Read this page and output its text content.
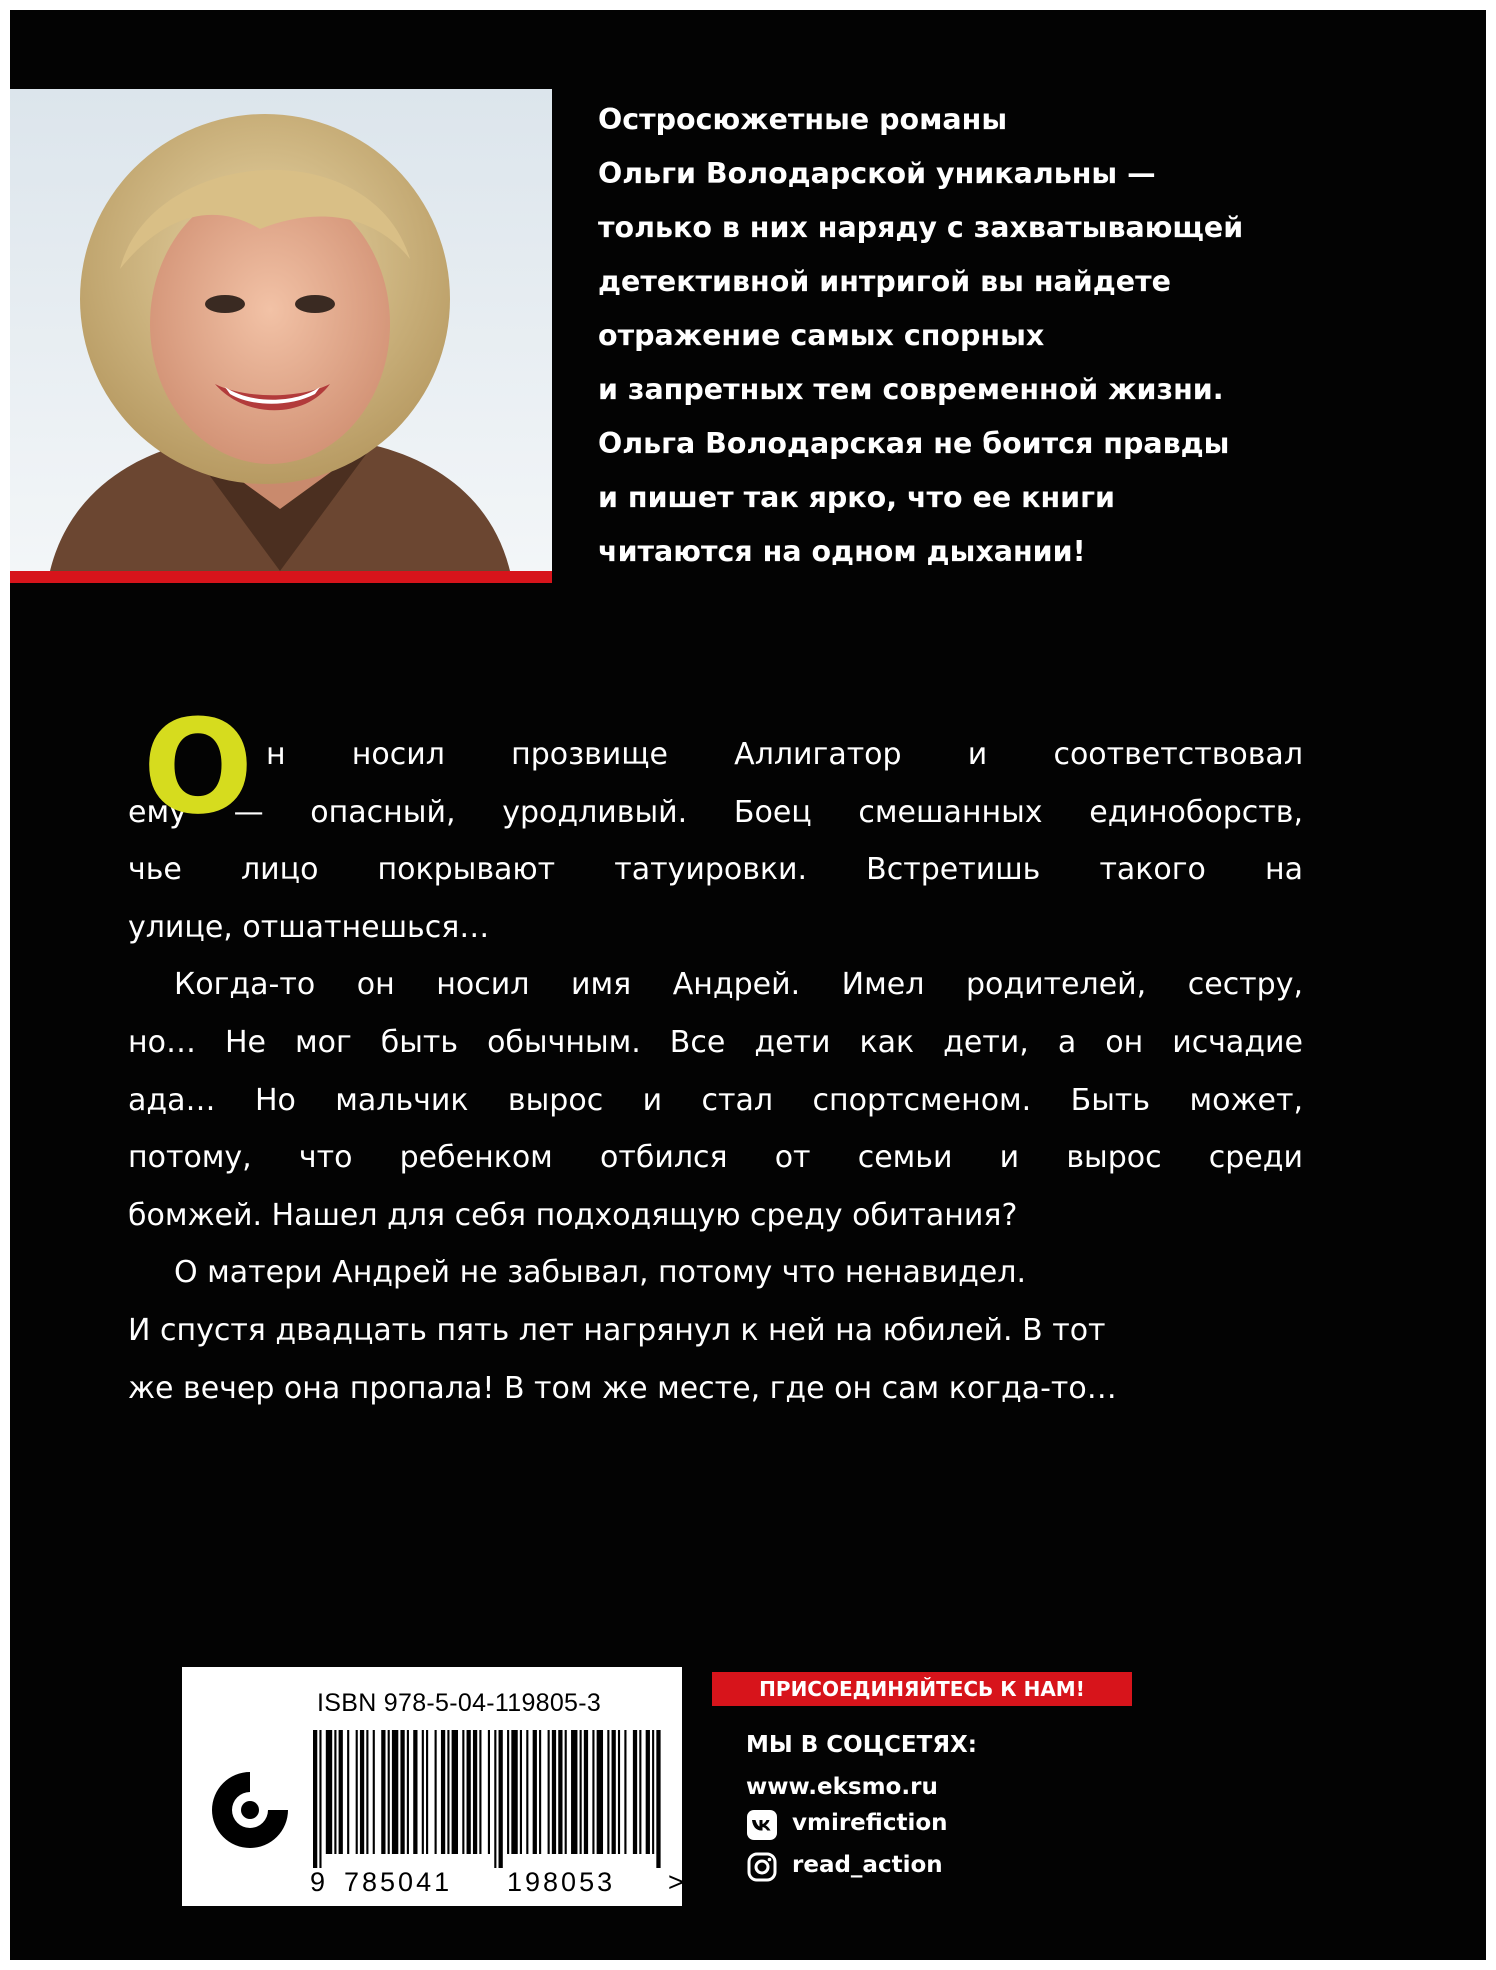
Остросюжетные романы
Ольги Володарской уникальны —
только в них наряду с захватывающей
детективной интригой вы найдете
отражение самых спорных
и запретных тем современной жизни.
Ольга Володарская не боится правды
и пишет так ярко, что ее книги
читаются на одном дыхании!
О н носил прозвище Аллигатор и соответствовал
ему — опасный, уродливый. Боец смешанных единоборств,
чье лицо покрывают татуировки. Встретишь такого на
улице, отшатнешься…
Когда-то он носил имя Андрей. Имел родителей, сестру,
но… Не мог быть обычным. Все дети как дети, а он исчадие
ада… Но мальчик вырос и стал спортсменом. Быть может,
потому, что ребенком отбился от семьи и вырос среди
бомжей. Нашел для себя подходящую среду обитания?
О матери Андрей не забывал, потому что ненавидел.
И спустя двадцать пять лет нагрянул к ней на юбилей. В тот
же вечер она пропала! В том же месте, где он сам когда-то…
ISBN 978-5-04-119805-3
9 785041 198053 >
ПРИСОЕДИНЯЙТЕСЬ К НАМ!
МЫ В СОЦСЕТЯХ:
www.eksmo.ru
vmirefiction
read_action
